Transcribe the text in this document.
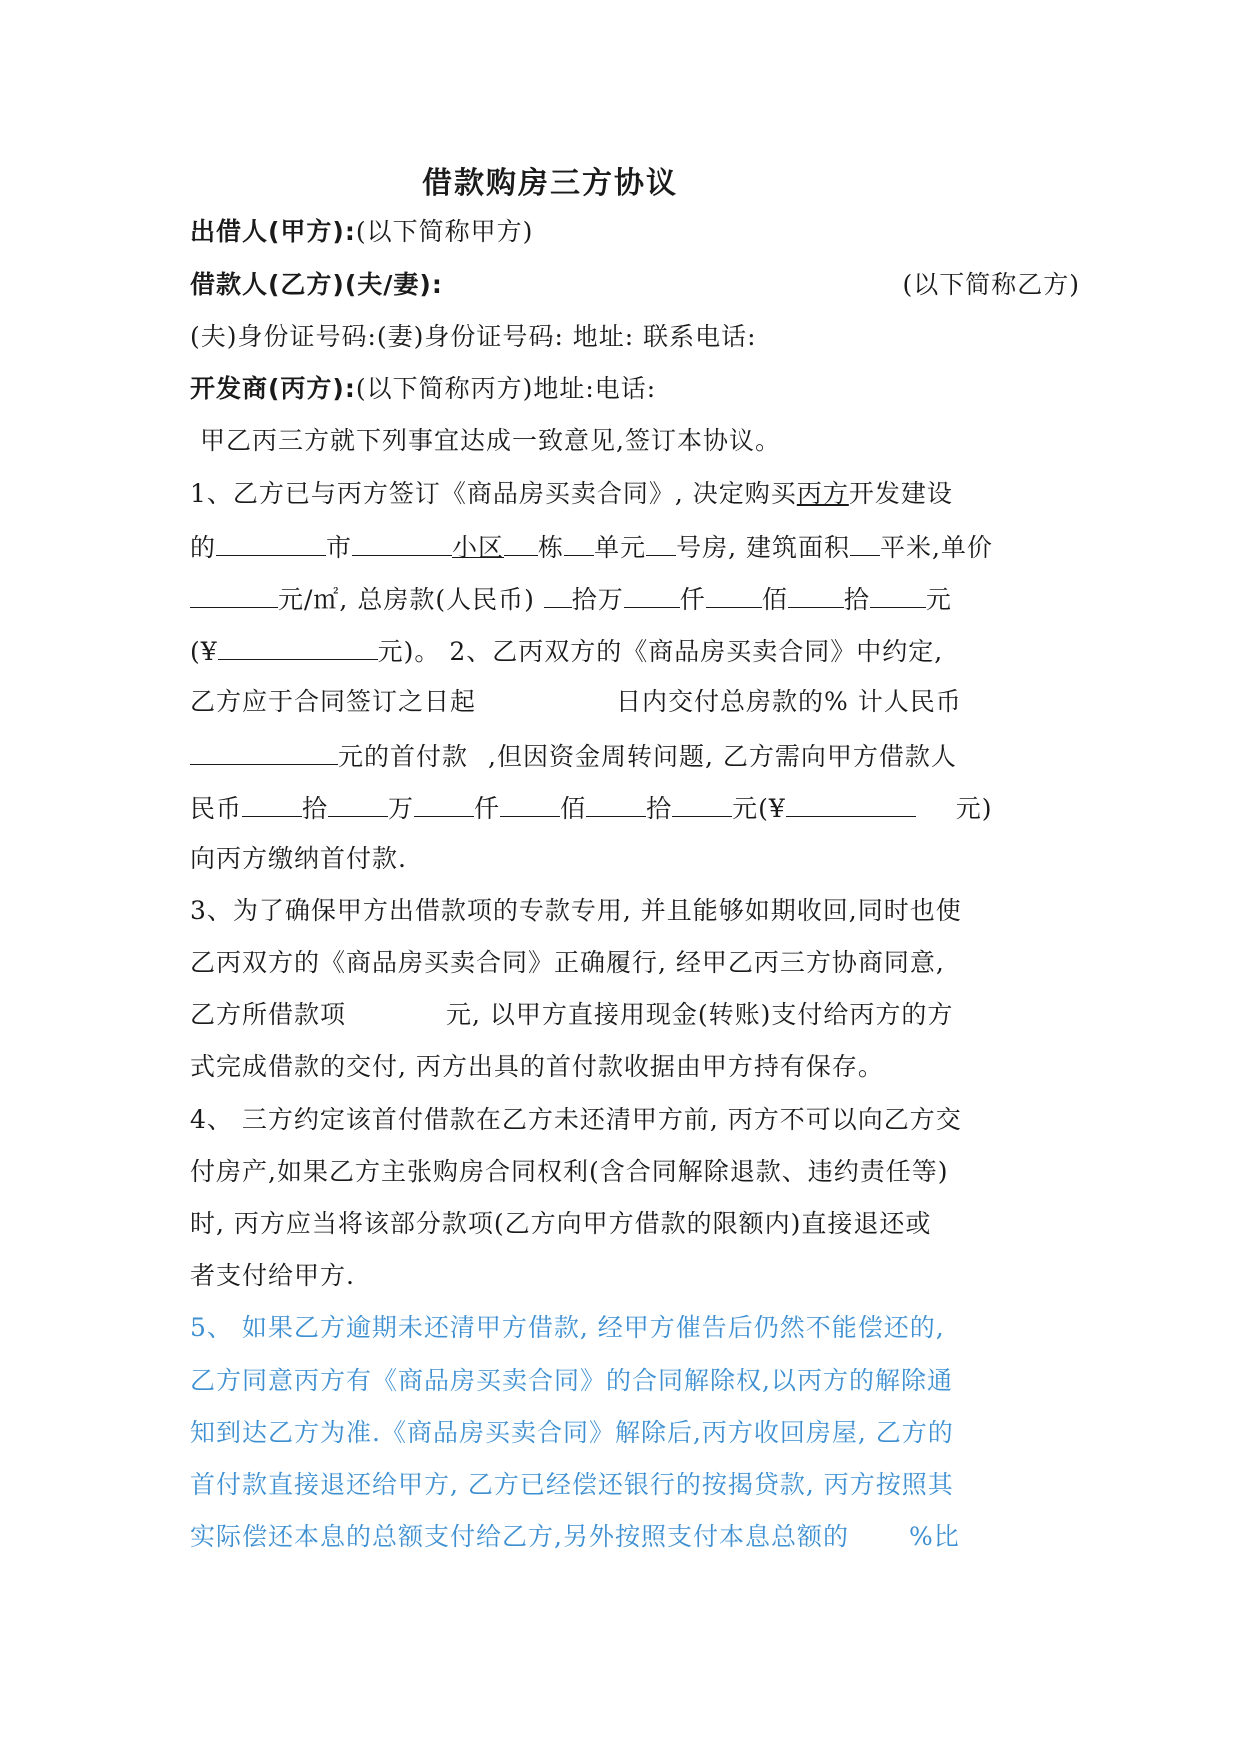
借款购房三方协议
出借人(甲方):(以下简称甲方)
借款人(乙方)(夫/妻):	(以下简称乙方)
(夫)身份证号码:(妻)身份证号码: 地址: 联系电话:
开发商(丙方):(以下简称丙方)地址:电话:
甲乙丙三方就下列事宜达成一致意见,签订本协议。
1、乙方已与丙方签订《商品房买卖合同》, 决定购买丙方开发建设
的	市	小区 栋 单元 号房, 建筑面积 平米,单价
元/㎡, 总房款(人民币) 拾万 仟 佰 拾 元
(¥	元)。 2、乙丙双方的《商品房买卖合同》中约定,
乙方应于合同签订之日起	日内交付总房款的% 计人民币
元的首付款 ,但因资金周转问题, 乙方需向甲方借款人
民币 拾 万 仟 佰 拾 元(¥	元)
向丙方缴纳首付款.
3、为了确保甲方出借款项的专款专用, 并且能够如期收回,同时也使
乙丙双方的《商品房买卖合同》正确履行, 经甲乙丙三方协商同意,
乙方所借款项	元, 以甲方直接用现金(转账)支付给丙方的方
式完成借款的交付, 丙方出具的首付款收据由甲方持有保存。
4、 三方约定该首付借款在乙方未还清甲方前, 丙方不可以向乙方交
付房产,如果乙方主张购房合同权利(含合同解除退款、违约责任等)
时, 丙方应当将该部分款项(乙方向甲方借款的限额内)直接退还或
者支付给甲方.
5、 如果乙方逾期未还清甲方借款, 经甲方催告后仍然不能偿还的,
乙方同意丙方有《商品房买卖合同》的合同解除权,以丙方的解除通
知到达乙方为准.《商品房买卖合同》解除后,丙方收回房屋, 乙方的
首付款直接退还给甲方, 乙方已经偿还银行的按揭贷款, 丙方按照其
实际偿还本息的总额支付给乙方,另外按照支付本息总额的 %比
